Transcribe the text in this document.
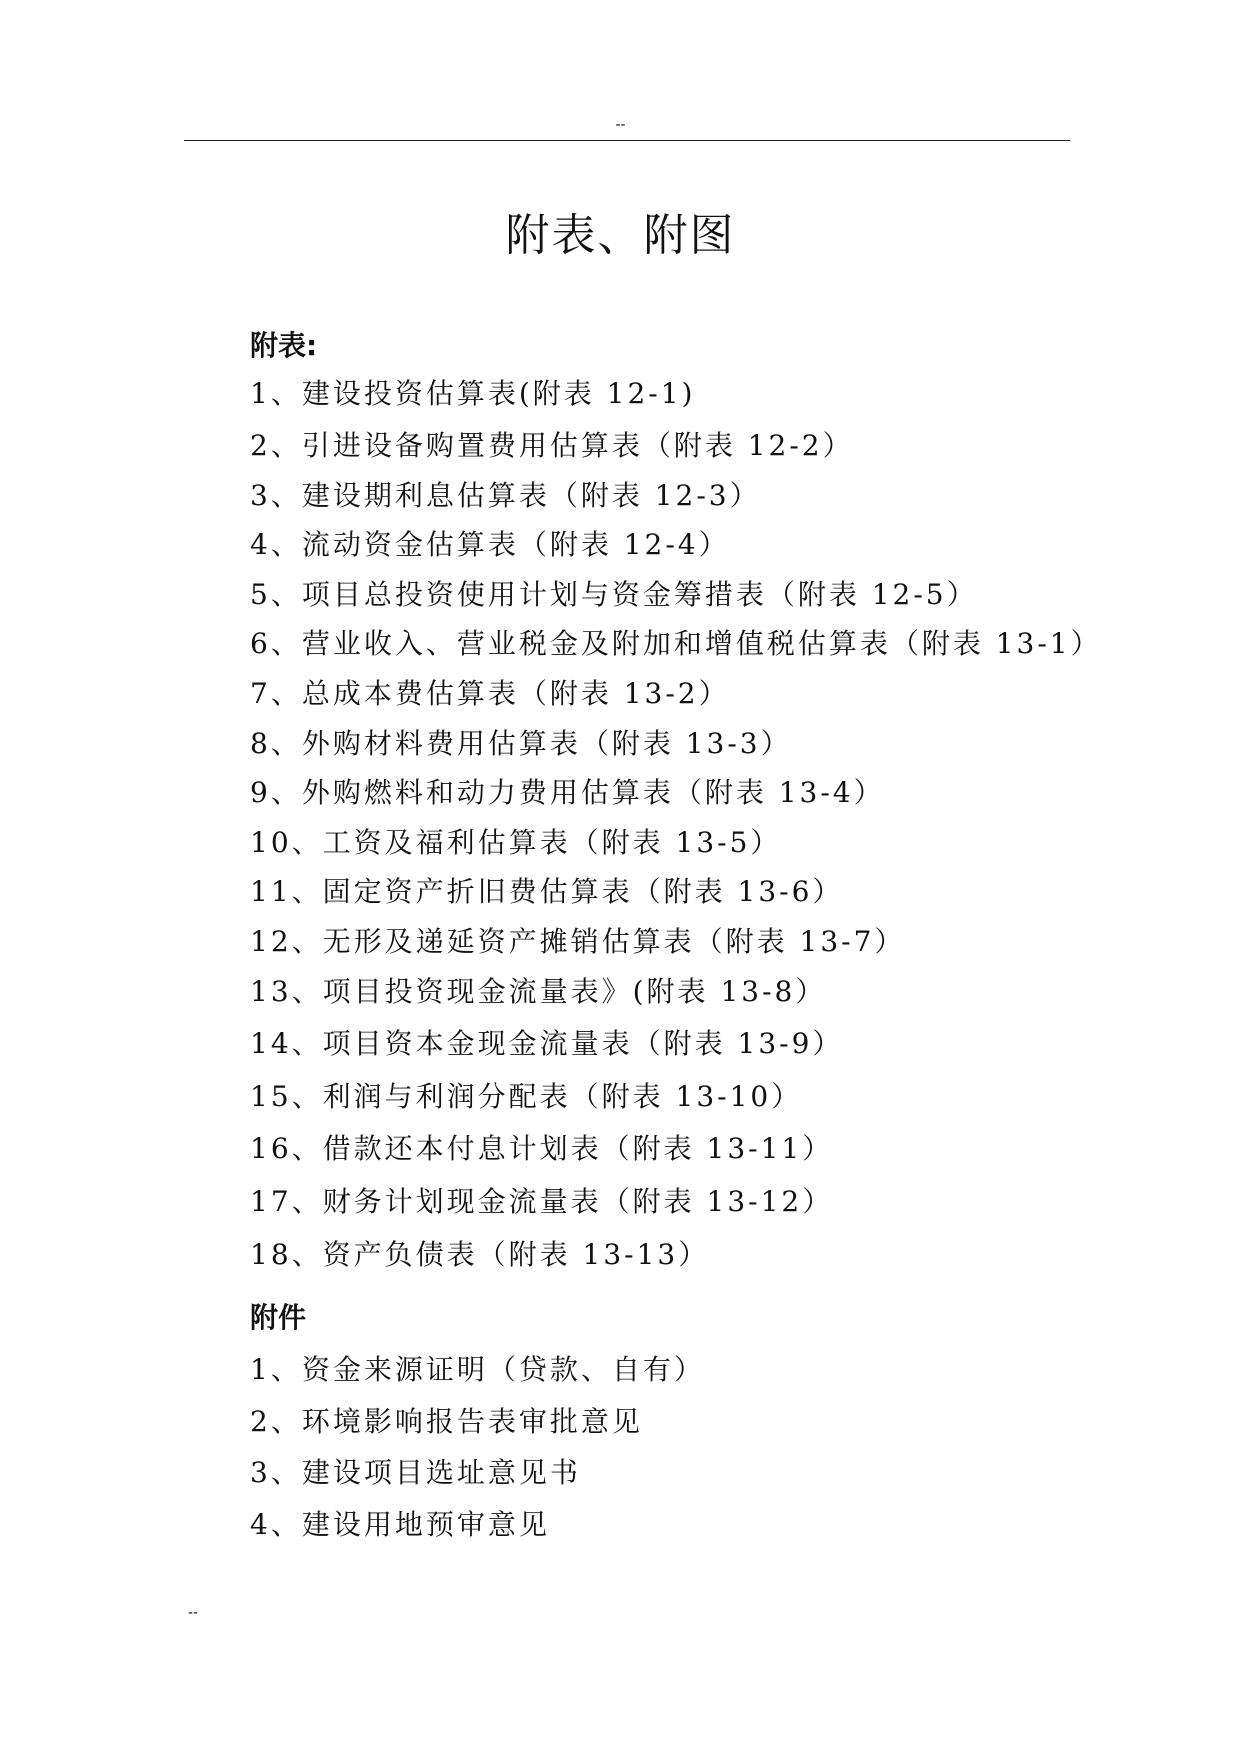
--
附表、附图
附表:
1、建设投资估算表(附表 12-1)
2、引进设备购置费用估算表（附表 12-2）
3、建设期利息估算表（附表 12-3）
4、流动资金估算表（附表 12-4）
5、项目总投资使用计划与资金筹措表（附表 12-5）
6、营业收入、营业税金及附加和增值税估算表（附表 13-1）
7、总成本费估算表（附表 13-2）
8、外购材料费用估算表（附表 13-3）
9、外购燃料和动力费用估算表（附表 13-4）
10、工资及福利估算表（附表 13-5）
11、固定资产折旧费估算表（附表 13-6）
12、无形及递延资产摊销估算表（附表 13-7）
13、项目投资现金流量表》(附表 13-8）
14、项目资本金现金流量表（附表 13-9）
15、利润与利润分配表（附表 13-10）
16、借款还本付息计划表（附表 13-11）
17、财务计划现金流量表（附表 13-12）
18、资产负债表（附表 13-13）
附件
1、资金来源证明（贷款、自有）
2、环境影响报告表审批意见
3、建设项目选址意见书
4、建设用地预审意见
--
